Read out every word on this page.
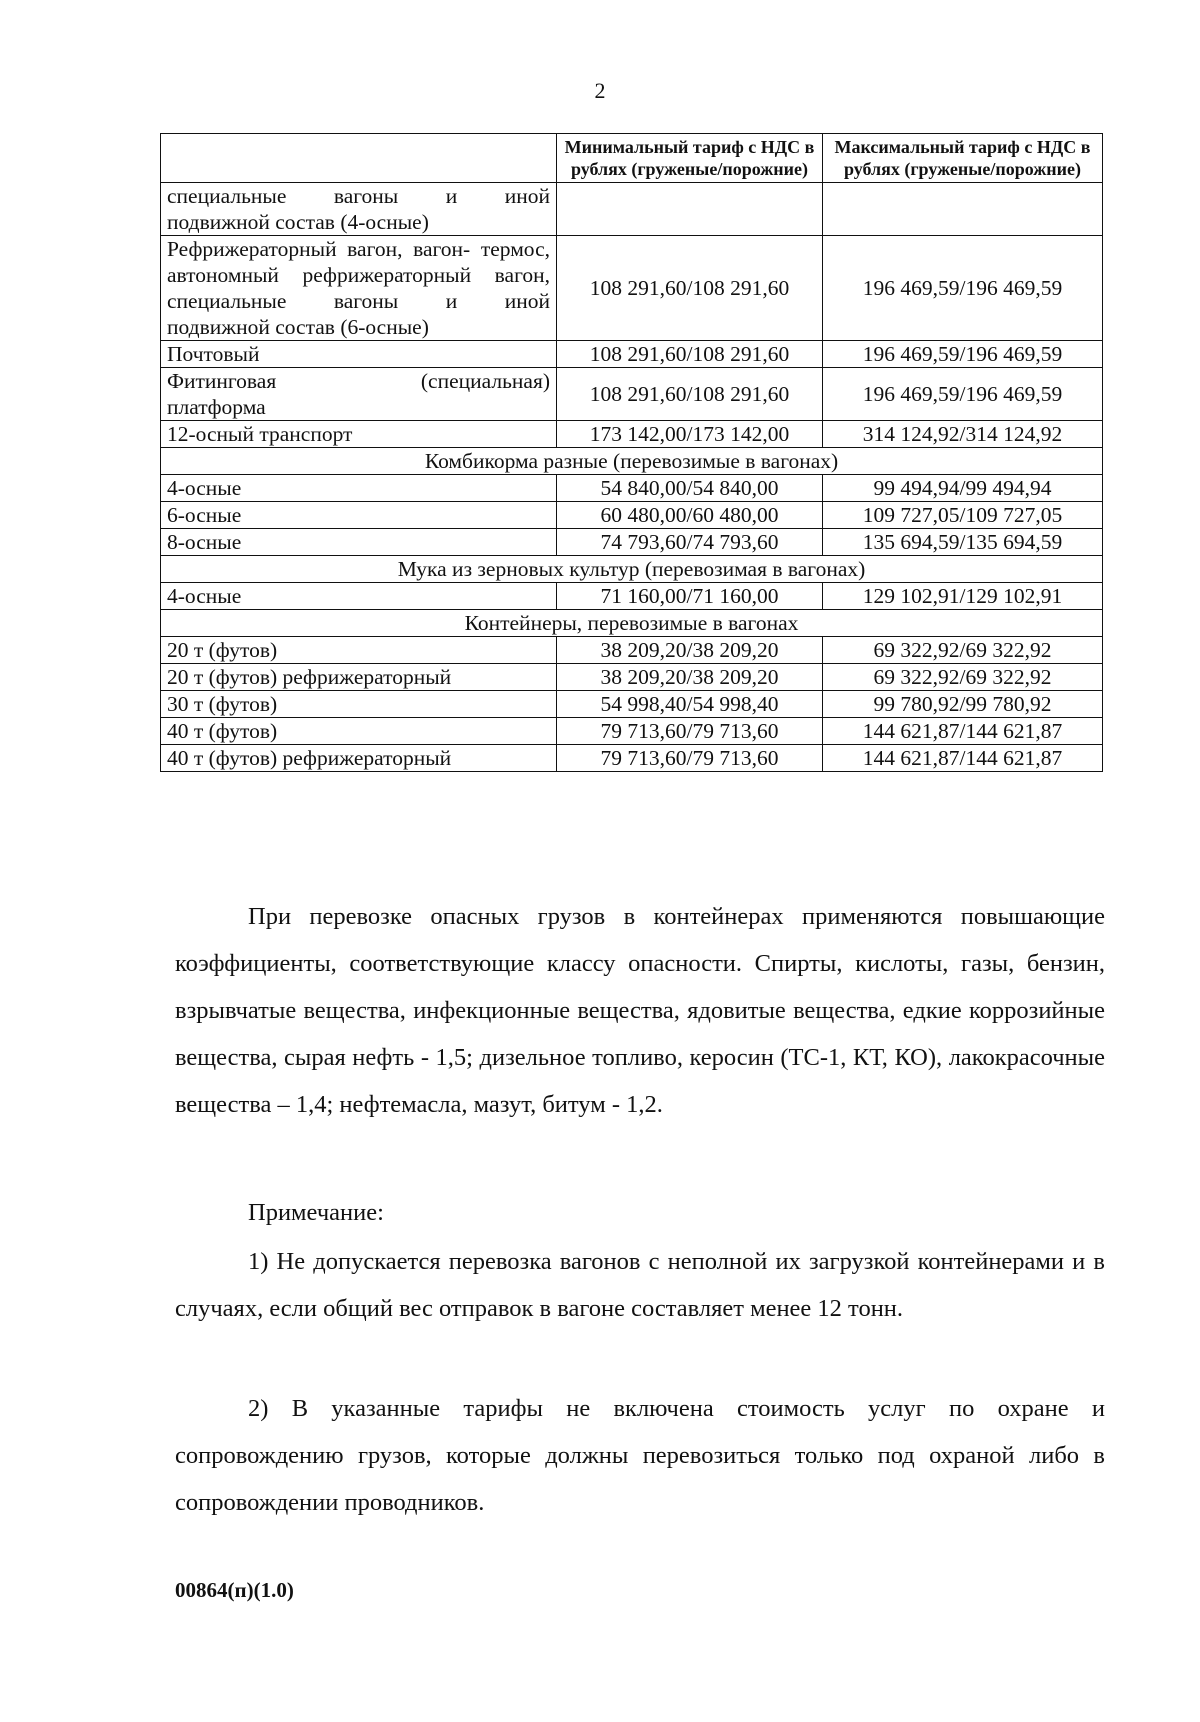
2
	Минимальный тариф с НДС в рублях (груженые/порожние)	Максимальный тариф с НДС в рублях (груженые/порожние)
специальные вагоны и иной
подвижной состав (4-осные)		

Рефрижераторный вагон, вагон- термос, автономный рефрижераторный вагон, специальные вагоны и иной
подвижной состав (6-осные)	108 291,60/108 291,60	196 469,59/196 469,59
Почтовый	108 291,60/108 291,60	196 469,59/196 469,59
Фитинговая (специальная)
платформа	108 291,60/108 291,60	196 469,59/196 469,59
12-осный транспорт	173 142,00/173 142,00	314 124,92/314 124,92
Комбикорма разные (перевозимые в вагонах)		
4-осные	54 840,00/54 840,00	99 494,94/99 494,94
6-осные	60 480,00/60 480,00	109 727,05/109 727,05
8-осные	74 793,60/74 793,60	135 694,59/135 694,59
Мука из зерновых культур (перевозимая в вагонах)		
4-осные	71 160,00/71 160,00	129 102,91/129 102,91
Контейнеры, перевозимые в вагонах		
20 т (футов)	38 209,20/38 209,20	69 322,92/69 322,92
20 т (футов) рефрижераторный	38 209,20/38 209,20	69 322,92/69 322,92
30 т (футов)	54 998,40/54 998,40	99 780,92/99 780,92
40 т (футов)	79 713,60/79 713,60	144 621,87/144 621,87
40 т (футов) рефрижераторный	79 713,60/79 713,60	144 621,87/144 621,87

При перевозке опасных грузов в контейнерах применяются повышающие коэффициенты, соответствующие классу опасности. Спирты, кислоты, газы, бензин, взрывчатые вещества, инфекционные вещества, ядовитые вещества, едкие коррозийные вещества, сырая нефть - 1,5; дизельное топливо, керосин (ТС-1, КТ, КО), лакокрасочные вещества – 1,4; нефтемасла, мазут, битум - 1,2.

Примечание:

1) Не допускается перевозка вагонов с неполной их загрузкой контейнерами и в случаях, если общий вес отправок в вагоне составляет менее 12 тонн.

2) В указанные тарифы не включена стоимость услуг по охране и сопровождению грузов, которые должны перевозиться только под охраной либо в сопровождении проводников.

00864(п)(1.0)
